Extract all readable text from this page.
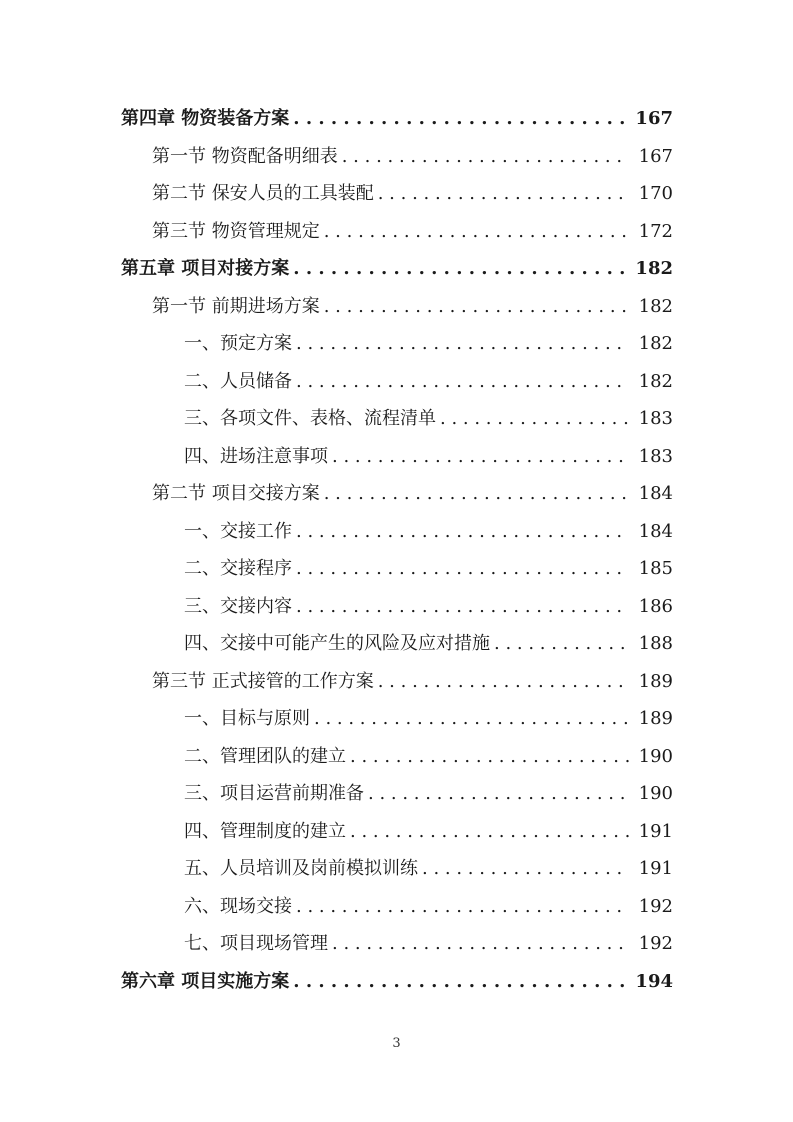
第四章 物资装备方案 . . .	167
第一节 物资配备明细表 . . .	167
第二节 保安人员的工具装配 . . .	170
第三节 物资管理规定 . . .	172
第五章 项目对接方案 . . .	182
第一节 前期进场方案 . . .	182
一、预定方案 . . .	182
二、人员储备 . . .	182
三、各项文件、表格、流程清单 . . .	183
四、进场注意事项 . . .	183
第二节 项目交接方案 . . .	184
一、交接工作 . . .	184
二、交接程序 . . .	185
三、交接内容 . . .	186
四、交接中可能产生的风险及应对措施 . . .	188
第三节 正式接管的工作方案 . . .	189
一、目标与原则 . . .	189
二、管理团队的建立 . . .	190
三、项目运营前期准备 . . .	190
四、管理制度的建立 . . .	191
五、人员培训及岗前模拟训练 . . .	191
六、现场交接 . . .	192
七、项目现场管理 . . .	192
第六章 项目实施方案 . . .	194
3
